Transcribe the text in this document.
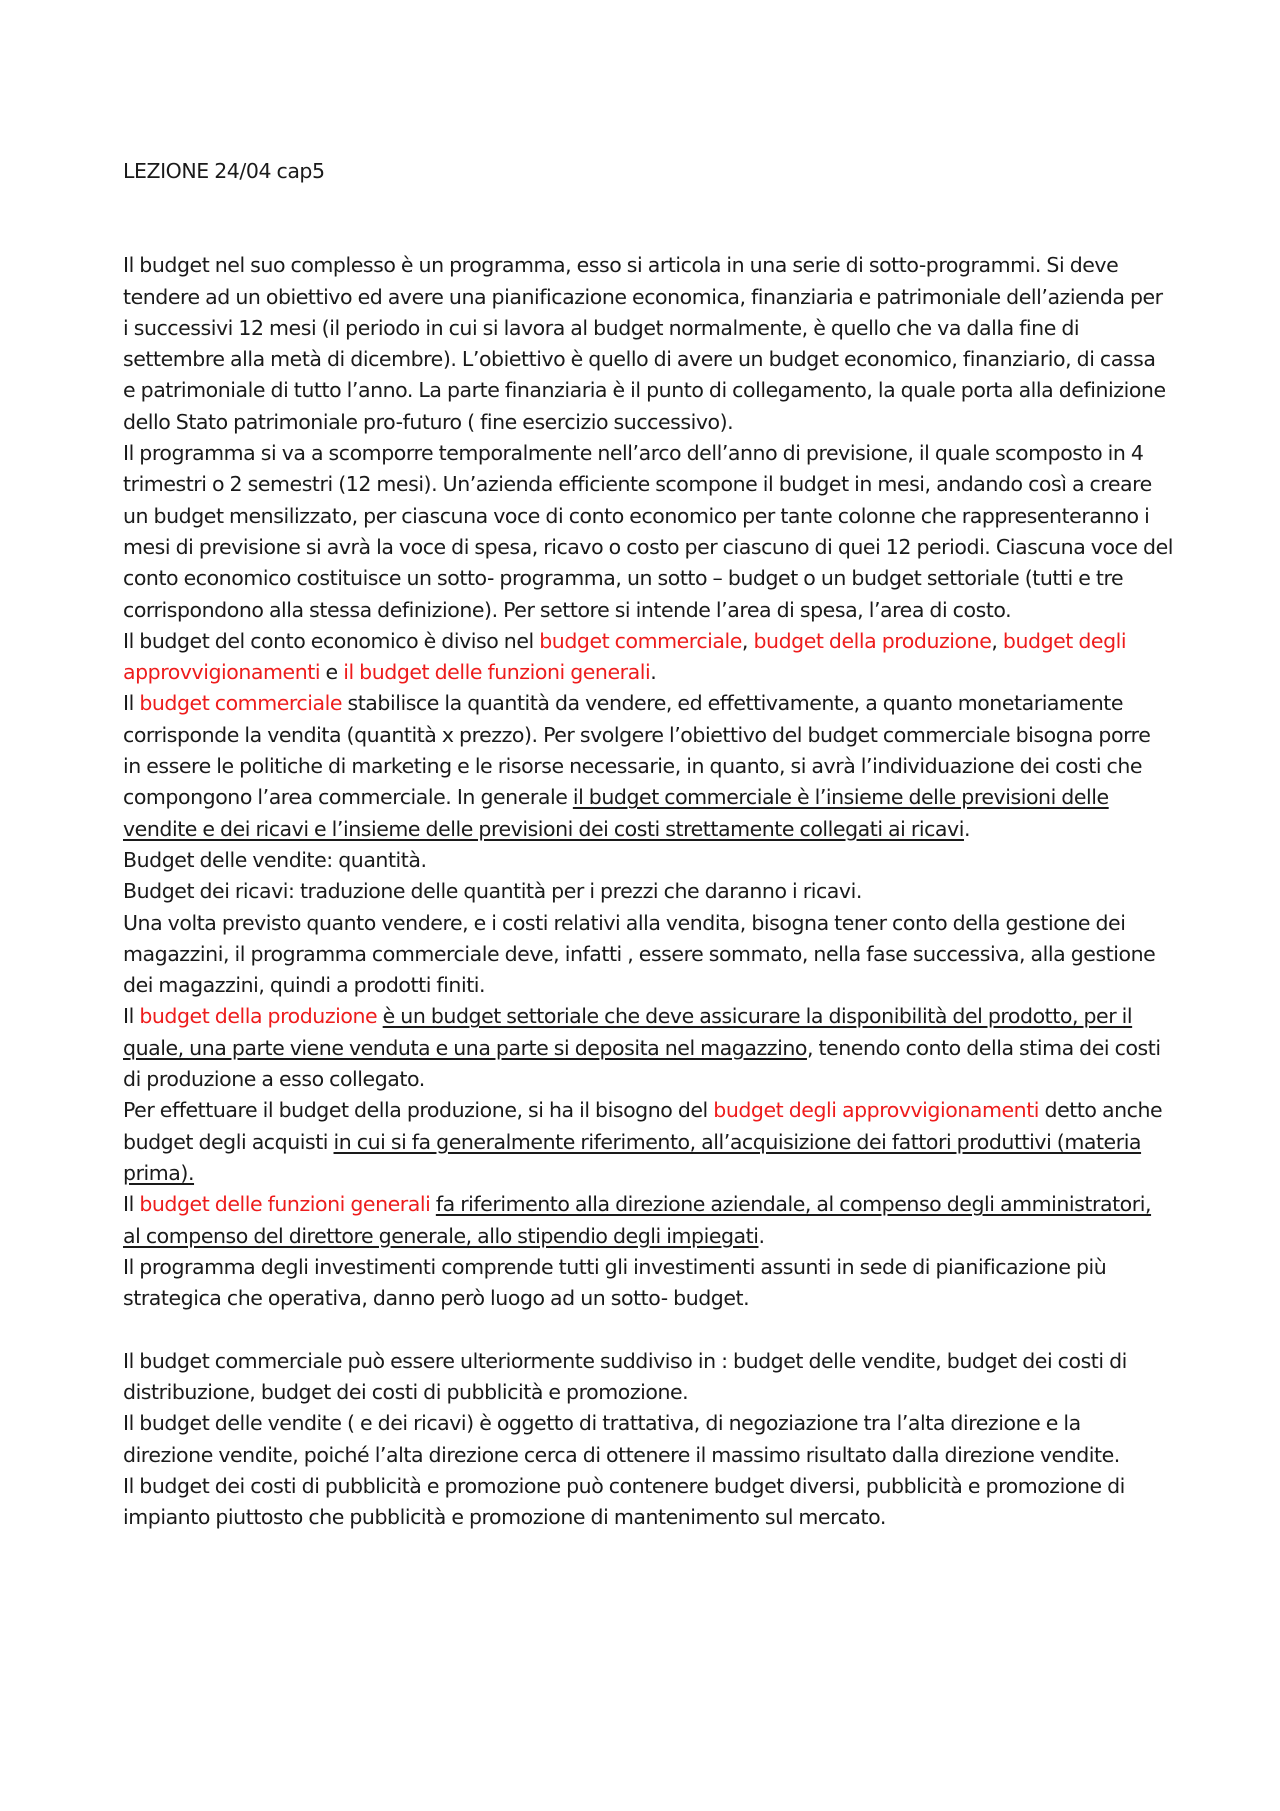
LEZIONE 24/04 cap5

Il budget nel suo complesso è un programma, esso si articola in una serie di sotto-programmi. Si deve tendere ad un obiettivo ed avere una pianificazione economica, finanziaria e patrimoniale dell’azienda per i successivi 12 mesi (il periodo in cui si lavora al budget normalmente, è quello che va dalla fine di settembre alla metà di dicembre). L’obiettivo è quello di avere un budget economico, finanziario, di cassa e patrimoniale di tutto l’anno. La parte finanziaria è il punto di collegamento, la quale porta alla definizione dello Stato patrimoniale pro-futuro ( fine esercizio successivo).

Il programma si va a scomporre temporalmente nell’arco dell’anno di previsione, il quale scomposto in 4 trimestri o 2 semestri (12 mesi). Un’azienda efficiente scompone il budget in mesi, andando così a creare un budget mensilizzato, per ciascuna voce di conto economico per tante colonne che rappresenteranno i mesi di previsione si avrà la voce di spesa, ricavo o costo per ciascuno di quei 12 periodi. Ciascuna voce del conto economico costituisce un sotto- programma, un sotto – budget o un budget settoriale (tutti e tre corrispondono alla stessa definizione). Per settore si intende l’area di spesa, l’area di costo.

Il budget del conto economico è diviso nel budget commerciale, budget della produzione, budget degli approvvigionamenti e il budget delle funzioni generali.

Il budget commerciale stabilisce la quantità da vendere, ed effettivamente, a quanto monetariamente corrisponde la vendita (quantità x prezzo). Per svolgere l’obiettivo del budget commerciale bisogna porre in essere le politiche di marketing e le risorse necessarie, in quanto, si avrà l’individuazione dei costi che compongono l’area commerciale. In generale il budget commerciale è l’insieme delle previsioni delle vendite e dei ricavi e l’insieme delle previsioni dei costi strettamente collegati ai ricavi.

Budget delle vendite: quantità.

Budget dei ricavi: traduzione delle quantità per i prezzi che daranno i ricavi.

Una volta previsto quanto vendere, e i costi relativi alla vendita, bisogna tener conto della gestione dei magazzini, il programma commerciale deve, infatti , essere sommato, nella fase successiva, alla gestione dei magazzini, quindi a prodotti finiti.

Il budget della produzione è un budget settoriale che deve assicurare la disponibilità del prodotto, per il quale, una parte viene venduta e una parte si deposita nel magazzino, tenendo conto della stima dei costi di produzione a esso collegato.

Per effettuare il budget della produzione, si ha il bisogno del budget degli approvvigionamenti detto anche budget degli acquisti in cui si fa generalmente riferimento, all’acquisizione dei fattori produttivi (materia prima).

Il budget delle funzioni generali fa riferimento alla direzione aziendale, al compenso degli amministratori, al compenso del direttore generale, allo stipendio degli impiegati.

Il programma degli investimenti comprende tutti gli investimenti assunti in sede di pianificazione più strategica che operativa, danno però luogo ad un sotto- budget.

Il budget commerciale può essere ulteriormente suddiviso in : budget delle vendite, budget dei costi di distribuzione, budget dei costi di pubblicità e promozione.

Il budget delle vendite ( e dei ricavi) è oggetto di trattativa, di negoziazione tra l’alta direzione e la direzione vendite, poiché l’alta direzione cerca di ottenere il massimo risultato dalla direzione vendite.

Il budget dei costi di pubblicità e promozione può contenere budget diversi, pubblicità e promozione di impianto piuttosto che pubblicità e promozione di mantenimento sul mercato.
